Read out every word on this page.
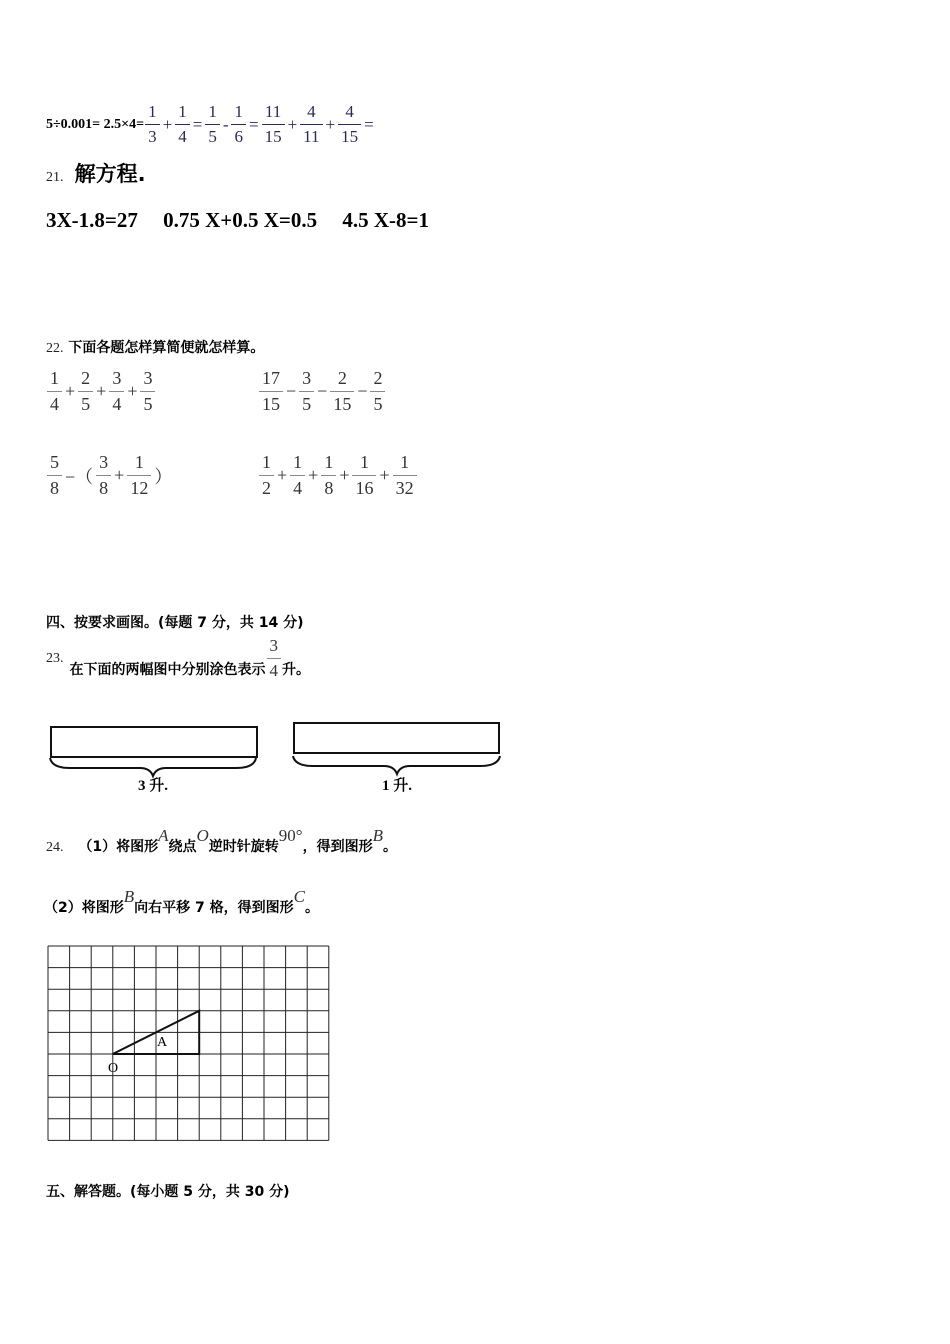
$5\div 0.001= 2.5\times 4= \frac{1}{3} + \frac{1}{4} = \frac{1}{5} - \frac{1}{6} = \frac{11}{15} + \frac{4}{11} + \frac{4}{15}$ =
21. 解方程.
3X-1.8=27 0.75 X+0.5 X=0.5 4.5 X-8=1
22. 下面各题怎样算简便就怎样算。
$\frac{1}{4} + \frac{2}{5} + \frac{3}{4} + \frac{3}{5}$	$\frac{17}{15} - \frac{3}{5} - \frac{2}{15} - \frac{2}{5}$
$\frac{5}{8}$ −（ $\frac{3}{8} + \frac{1}{12}$ ）	$\frac{1}{2} + \frac{1}{4} + \frac{1}{8} + \frac{1}{16} + \frac{1}{32}$
四、按要求画图。(每题 7 分，共 14 分)
23.
在下面的两幅图中分别涂色表示 $\frac{3}{4}$ 升。
3 升.	1 升.
24. （1）将图形A绕点O逆时针旋转90°，得到图形B。
（2）将图形B向右平移 7 格，得到图形C。
A
O
五、解答题。(每小题 5 分，共 30 分)
